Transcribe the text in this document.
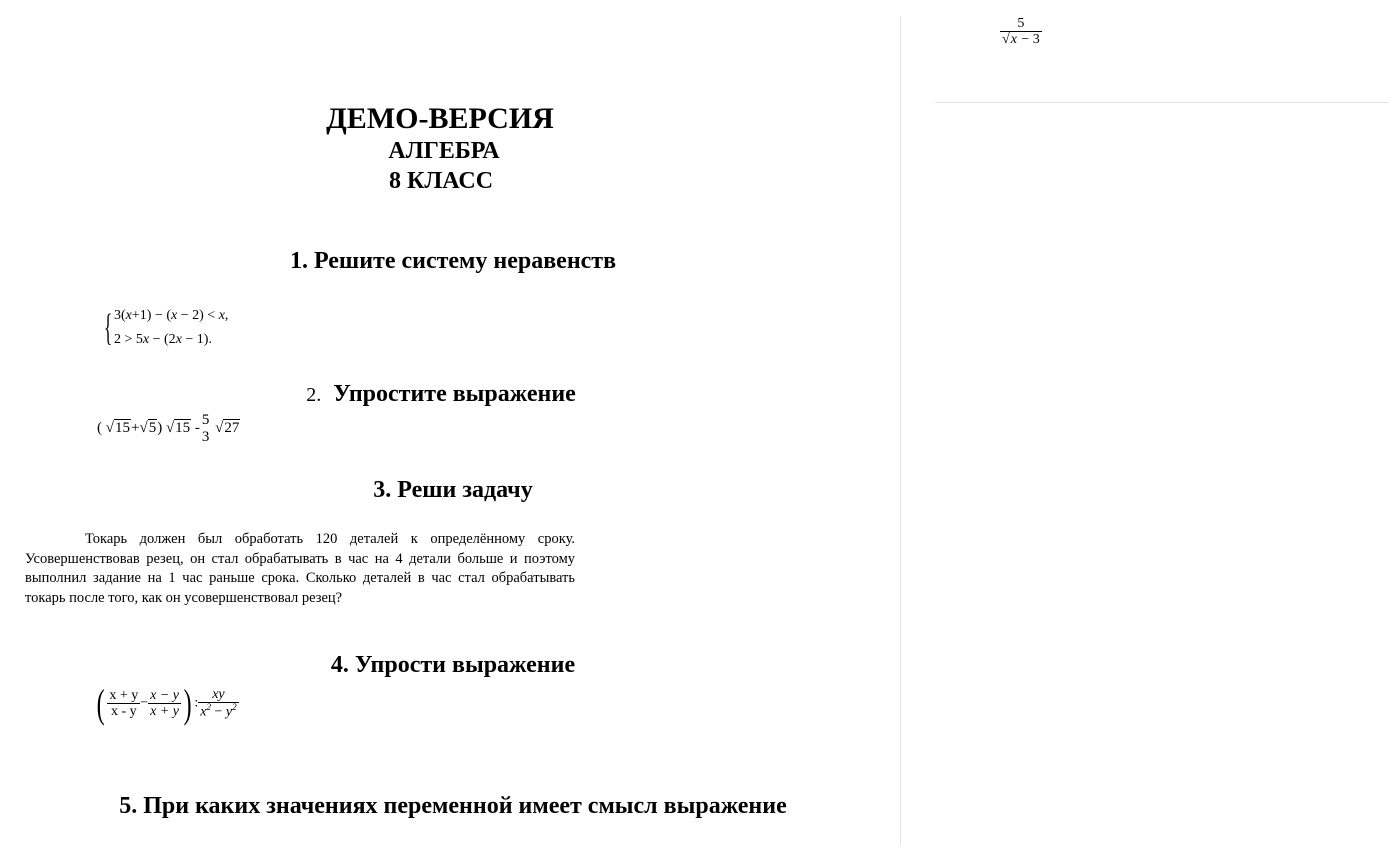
ДЕМО-ВЕРСИЯ
АЛГЕБРА
8 КЛАСС
1. Решите систему неравенств
{ 3(x+1) − (x − 2) < x,
2 > 5x − (2x − 1).
2. Упростите выражение
( √15+√5) √15 - 5
3
√27
3. Реши задачу
Токарь должен был обработать 120 деталей к определённому сроку. Усовершенствовав резец, он стал обрабатывать в час на 4 детали больше и поэтому выполнил задание на 1 час раньше срока. Сколько деталей в час стал обрабатывать токарь после того, как он усовершенствовал резец?
4. Упрости выражение
( $\frac{x + y}{x - y} - \frac{x - y}{x + y}$ ) : $\frac{xy}{x^2 - y^2}$
5. При каких значениях переменной имеет смысл выражение
$\frac{5}{√x - 3}$
